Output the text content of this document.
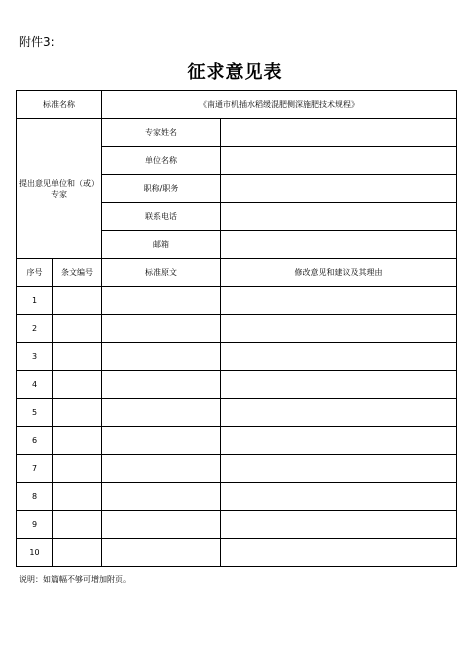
附件3:
征求意见表
标准名称		《南通市机插水稻缓混肥侧深施肥技术规程》	
提出意见单位和（或）专家		专家姓名	
		单位名称	
		职称/职务	
		联系电话	
		邮箱	
序号	条文编号	标准原文	修改意见和建议及其理由
1			
2			
3			
4			
5			
6			
7			
8			
9			
10			
说明：如篇幅不够可增加附页。
